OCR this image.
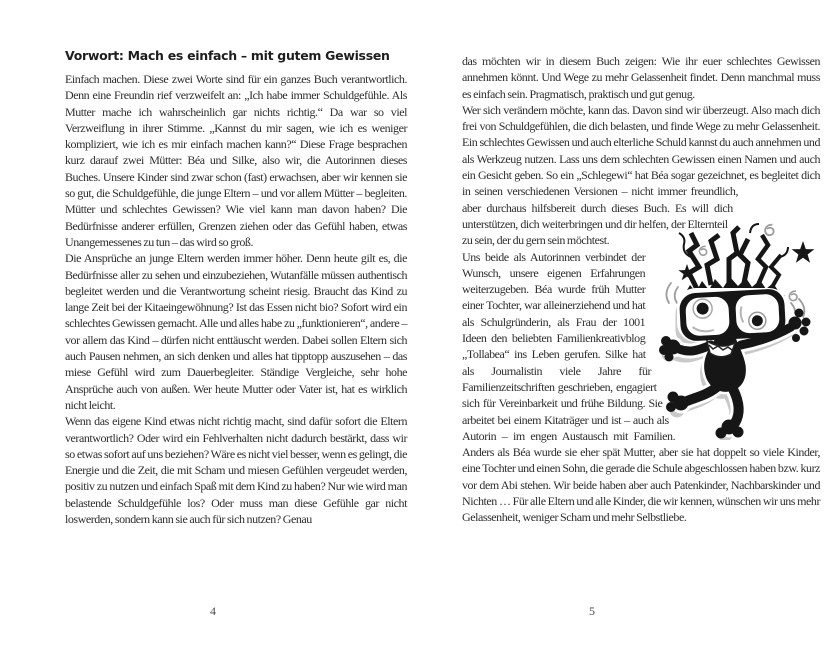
Vorwort: Mach es einfach – mit gutem Gewissen

Einfach machen. Diese zwei Worte sind für ein ganzes Buch verantwortlich. Denn eine Freundin rief verzweifelt an: „Ich habe immer Schuldgefühle. Als Mutter mache ich wahrscheinlich gar nichts richtig.“ Da war so viel Verzweiflung in ihrer Stimme. „Kannst du mir sagen, wie ich es weniger kompliziert, wie ich es mir einfach machen kann?“ Diese Frage besprachen kurz darauf zwei Mütter: Béa und Silke, also wir, die Autorinnen dieses Buches. Unsere Kinder sind zwar schon (fast) erwachsen, aber wir kennen sie so gut, die Schuldgefühle, die junge Eltern – und vor allem Mütter – begleiten. Mütter und schlechtes Gewissen? Wie viel kann man davon haben? Die Bedürfnisse anderer erfüllen, Grenzen ziehen oder das Gefühl haben, etwas Unangemessenes zu tun – das wird so groß.

Die Ansprüche an junge Eltern werden immer höher. Denn heute gilt es, die Bedürfnisse aller zu sehen und einzubeziehen, Wutanfälle müssen authentisch begleitet werden und die Verantwortung scheint riesig. Braucht das Kind zu lange Zeit bei der Kitaeingewöhnung? Ist das Essen nicht bio? Sofort wird ein schlechtes Gewissen gemacht. Alle und alles habe zu „funktionieren“, andere – vor allem das Kind – dürfen nicht enttäuscht werden. Dabei sollen Eltern sich auch Pausen nehmen, an sich denken und alles hat tipptopp auszusehen – das miese Gefühl wird zum Dauerbegleiter. Ständige Vergleiche, sehr hohe Ansprüche auch von außen. Wer heute Mutter oder Vater ist, hat es wirklich nicht leicht.

Wenn das eigene Kind etwas nicht richtig macht, sind dafür sofort die Eltern verantwortlich? Oder wird ein Fehlverhalten nicht dadurch bestärkt, dass wir so etwas sofort auf uns beziehen? Wäre es nicht viel besser, wenn es gelingt, die Energie und die Zeit, die mit Scham und miesen Gefühlen vergeudet werden, positiv zu nutzen und einfach Spaß mit dem Kind zu haben? Nur wie wird man belastende Schuldgefühle los? Oder muss man diese Gefühle gar nicht loswerden, sondern kann sie auch für sich nutzen? Genau

das möchten wir in diesem Buch zeigen: Wie ihr euer schlechtes Gewissen annehmen könnt. Und Wege zu mehr Gelassenheit findet. Denn manchmal muss es einfach sein. Pragmatisch, praktisch und gut genug.

Wer sich verändern möchte, kann das. Davon sind wir überzeugt. Also mach dich frei von Schuldgefühlen, die dich belasten, und finde Wege zu mehr Gelassenheit. Ein schlechtes Gewissen und auch elterliche Schuld kannst du auch annehmen und als Werkzeug nutzen. Lass uns dem schlechten Gewissen einen Namen und auch ein Gesicht geben. So ein „Schlegewi“ hat Béa sogar gezeichnet, es begleitet dich in seinen verschiedenen Versionen – nicht immer freundlich, aber durchaus hilfsbereit durch dieses Buch. Es will dich unterstützen, dich weiterbringen und dir helfen, der Elternteil zu sein, der du gern sein möchtest.

Uns beide als Autorinnen verbindet der Wunsch, unsere eigenen Erfahrungen weiterzugeben. Béa wurde früh Mutter einer Tochter, war alleinerziehend und hat als Schulgründerin, als Frau der 1001 Ideen den beliebten Familienkreativblog „Tollabea“ ins Leben gerufen. Silke hat als Journalistin viele Jahre für Familienzeitschriften geschrieben, engagiert sich für Vereinbarkeit und frühe Bildung. Sie arbeitet bei einem Kitaträger und ist – auch als Autorin – im engen Austausch mit Familien. Anders als Béa wurde sie eher spät Mutter, aber sie hat doppelt so viele Kinder, eine Tochter und einen Sohn, die gerade die Schule abgeschlossen haben bzw. kurz vor dem Abi stehen. Wir beide haben aber auch Patenkinder, Nachbarskinder und Nichten … Für alle Eltern und alle Kinder, die wir kennen, wünschen wir uns mehr Gelassenheit, weniger Scham und mehr Selbstliebe.

4	5
